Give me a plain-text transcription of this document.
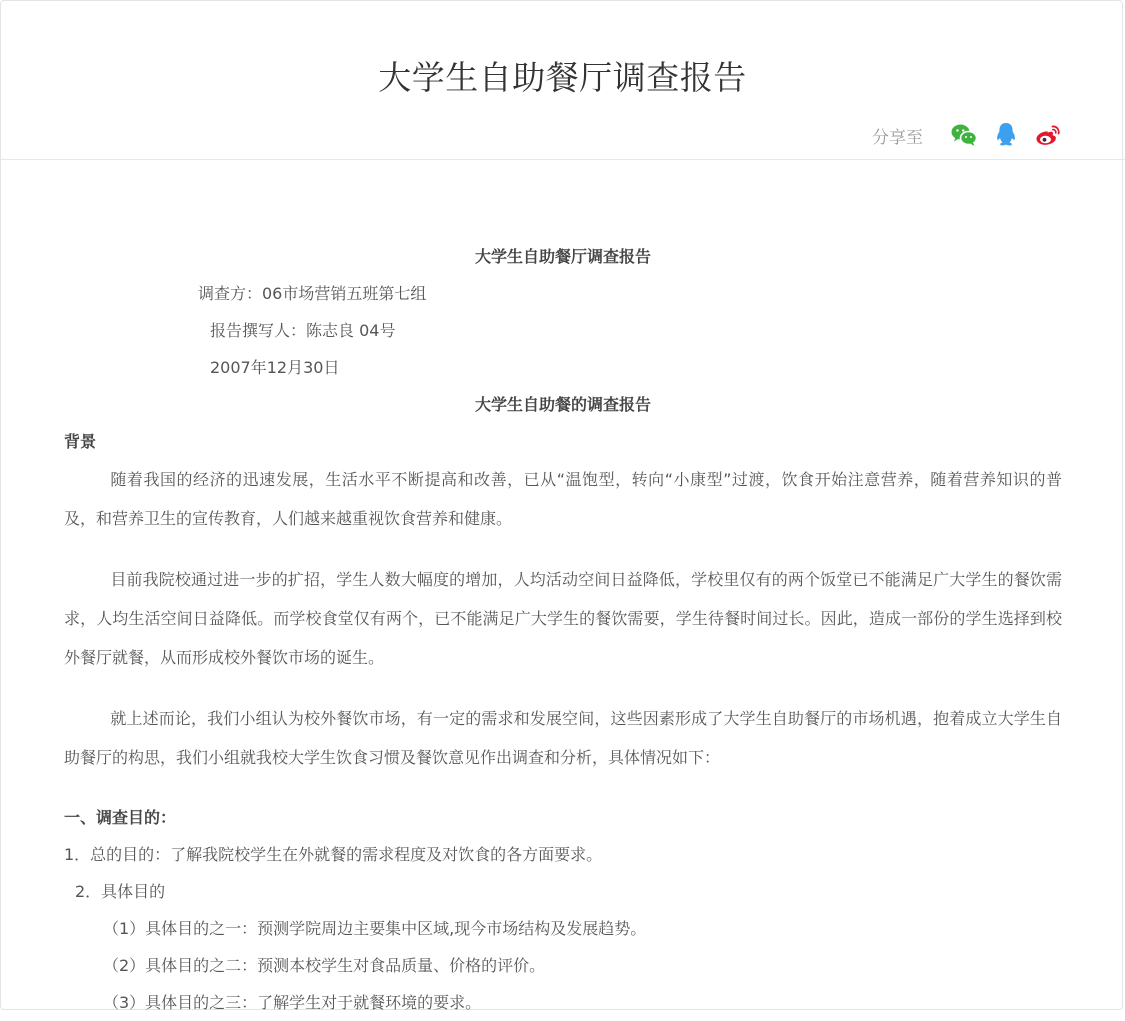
大学生自助餐厅调查报告
分享至
大学生自助餐厅调查报告
调查方：06市场营销五班第七组
报告撰写人：陈志良 04号
2007年12月30日
大学生自助餐的调查报告
背景

随着我国的经济的迅速发展，生活水平不断提高和改善，已从“温饱型，转向“小康型”过渡，饮食开始注意营养，随着营养知识的普及，和营养卫生的宣传教育，人们越来越重视饮食营养和健康。

目前我院校通过进一步的扩招，学生人数大幅度的增加，人均活动空间日益降低，学校里仅有的两个饭堂已不能满足广大学生的餐饮需求，人均生活空间日益降低。而学校食堂仅有两个，已不能满足广大学生的餐饮需要，学生待餐时间过长。因此，造成一部份的学生选择到校外餐厅就餐，从而形成校外餐饮市场的诞生。

就上述而论，我们小组认为校外餐饮市场，有一定的需求和发展空间，这些因素形成了大学生自助餐厅的市场机遇，抱着成立大学生自助餐厅的构思，我们小组就我校大学生饮食习惯及餐饮意见作出调查和分析，具体情况如下：

一、调查目的：
1．总的目的：了解我院校学生在外就餐的需求程度及对饮食的各方面要求。
2．具体目的
（1）具体目的之一：预测学院周边主要集中区域,现今市场结构及发展趋势。
（2）具体目的之二：预测本校学生对食品质量、价格的评价。
（3）具体目的之三：了解学生对于就餐环境的要求。
